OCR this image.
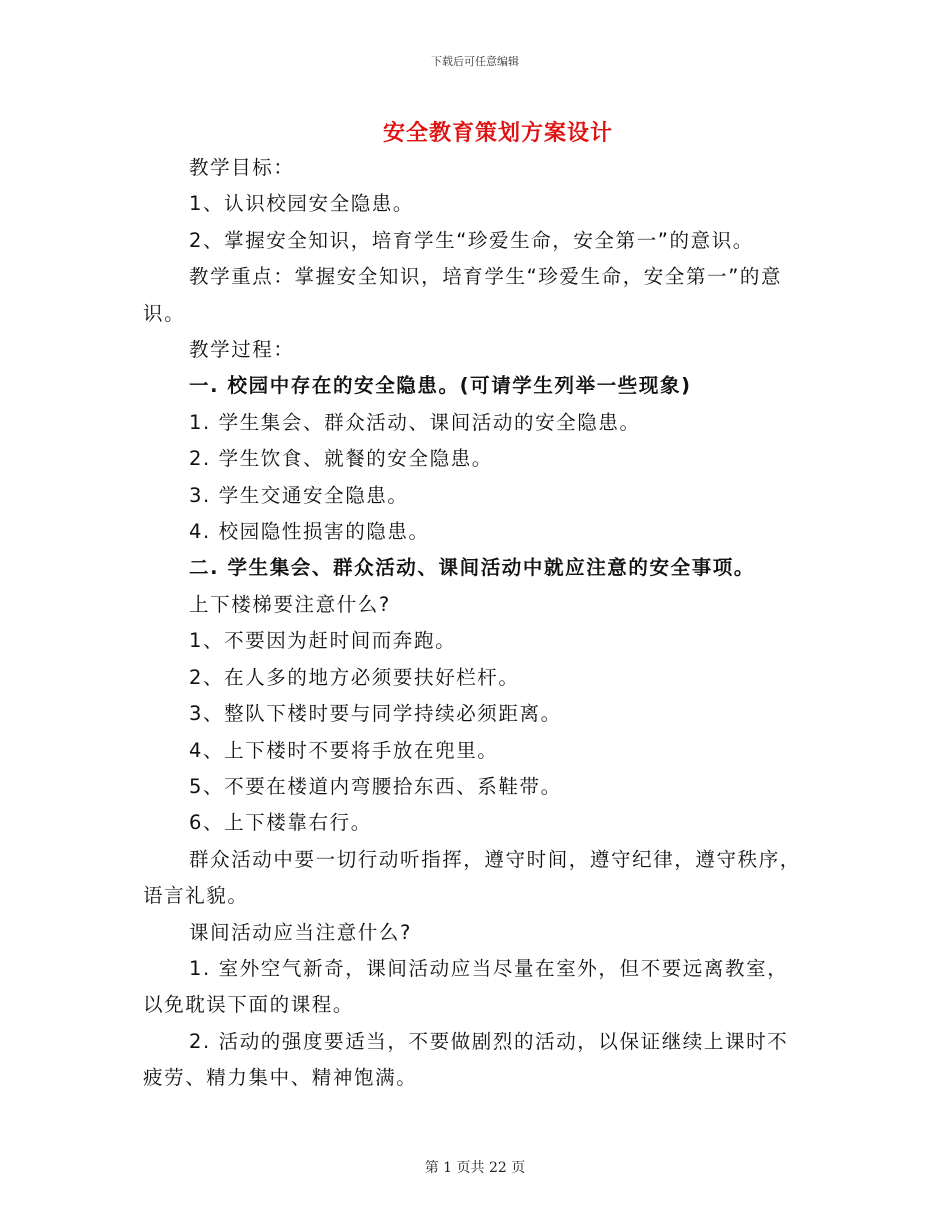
下载后可任意编辑
安全教育策划方案设计

教学目标：

1、认识校园安全隐患。

2、掌握安全知识，培育学生“珍爱生命，安全第一”的意识。

教学重点：掌握安全知识，培育学生“珍爱生命，安全第一”的意识。

教学过程：

一. 校园中存在的安全隐患。(可请学生列举一些现象)

1. 学生集会、群众活动、课间活动的安全隐患。

2. 学生饮食、就餐的安全隐患。

3. 学生交通安全隐患。

4. 校园隐性损害的隐患。

二. 学生集会、群众活动、课间活动中就应注意的安全事项。

上下楼梯要注意什么?

1、不要因为赶时间而奔跑。

2、在人多的地方必须要扶好栏杆。

3、整队下楼时要与同学持续必须距离。

4、上下楼时不要将手放在兜里。

5、不要在楼道内弯腰拾东西、系鞋带。

6、上下楼靠右行。

群众活动中要一切行动听指挥，遵守时间，遵守纪律，遵守秩序，语言礼貌。

课间活动应当注意什么?

1. 室外空气新奇，课间活动应当尽量在室外，但不要远离教室，以免耽误下面的课程。

2. 活动的强度要适当，不要做剧烈的活动，以保证继续上课时不疲劳、精力集中、精神饱满。

第 1 页共 22 页
